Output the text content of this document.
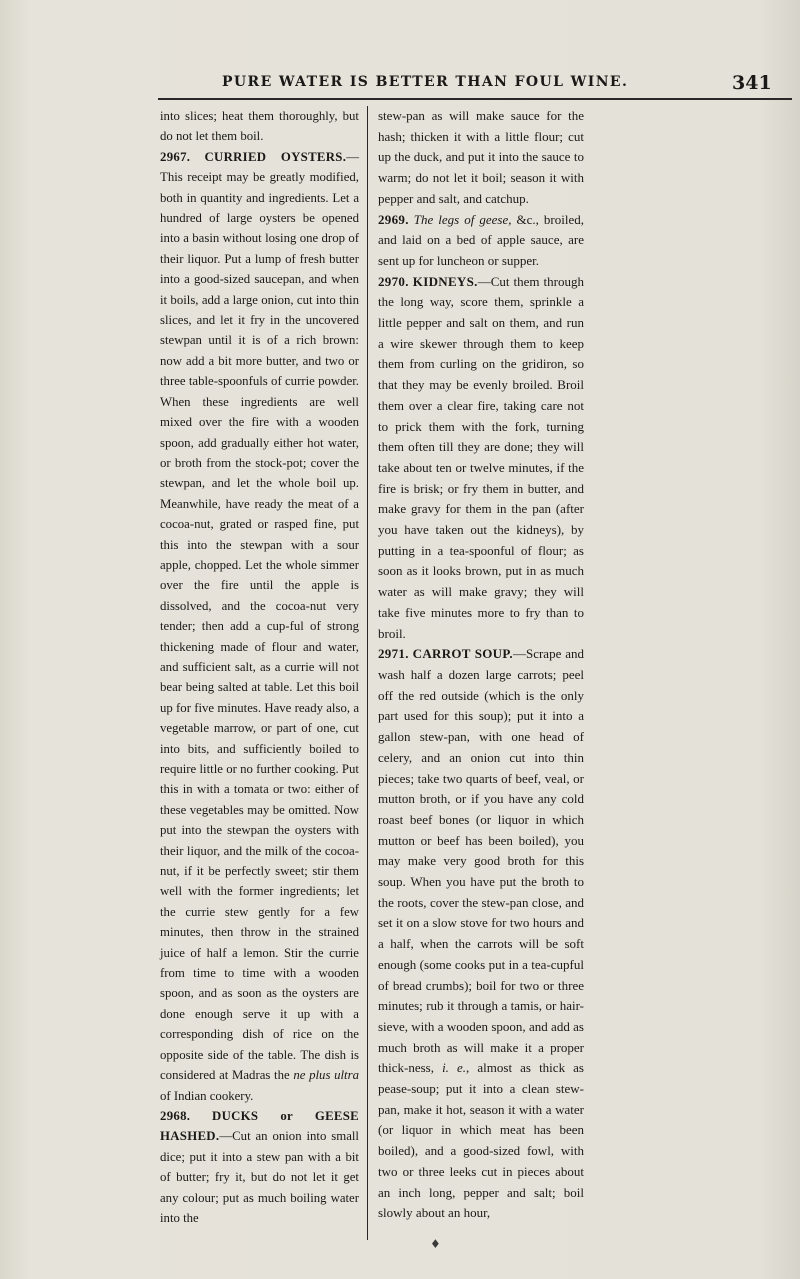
PURE WATER IS BETTER THAN FOUL WINE.	341

into slices; heat them thoroughly, but do not let them boil.

2967. CURRIED OYSTERS.—This receipt may be greatly modified, both in quantity and ingredients. Let a hundred of large oysters be opened into a basin without losing one drop of their liquor. Put a lump of fresh butter into a good-sized saucepan, and when it boils, add a large onion, cut into thin slices, and let it fry in the uncovered stewpan until it is of a rich brown: now add a bit more butter, and two or three table-spoonfuls of currie powder. When these ingredients are well mixed over the fire with a wooden spoon, add gradually either hot water, or broth from the stock-pot; cover the stewpan, and let the whole boil up. Meanwhile, have ready the meat of a cocoa-nut, grated or rasped fine, put this into the stewpan with a sour apple, chopped. Let the whole simmer over the fire until the apple is dissolved, and the cocoa-nut very tender; then add a cup-ful of strong thickening made of flour and water, and sufficient salt, as a currie will not bear being salted at table. Let this boil up for five minutes. Have ready also, a vegetable marrow, or part of one, cut into bits, and sufficiently boiled to require little or no further cooking. Put this in with a tomata or two: either of these vegetables may be omitted. Now put into the stewpan the oysters with their liquor, and the milk of the cocoa-nut, if it be perfectly sweet; stir them well with the former ingredients; let the currie stew gently for a few minutes, then throw in the strained juice of half a lemon. Stir the currie from time to time with a wooden spoon, and as soon as the oysters are done enough serve it up with a corresponding dish of rice on the opposite side of the table. The dish is considered at Madras the ne plus ultra of Indian cookery.

2968. DUCKS or GEESE HASHED.—Cut an onion into small dice; put it into a stew pan with a bit of butter; fry it, but do not let it get any colour; put as much boiling water into the

stew-pan as will make sauce for the hash; thicken it with a little flour; cut up the duck, and put it into the sauce to warm; do not let it boil; season it with pepper and salt, and catchup.

2969. The legs of geese, &c., broiled, and laid on a bed of apple sauce, are sent up for luncheon or supper.

2970. KIDNEYS.—Cut them through the long way, score them, sprinkle a little pepper and salt on them, and run a wire skewer through them to keep them from curling on the gridiron, so that they may be evenly broiled. Broil them over a clear fire, taking care not to prick them with the fork, turning them often till they are done; they will take about ten or twelve minutes, if the fire is brisk; or fry them in butter, and make gravy for them in the pan (after you have taken out the kidneys), by putting in a tea-spoonful of flour; as soon as it looks brown, put in as much water as will make gravy; they will take five minutes more to fry than to broil.

2971. CARROT SOUP.—Scrape and wash half a dozen large carrots; peel off the red outside (which is the only part used for this soup); put it into a gallon stew-pan, with one head of celery, and an onion cut into thin pieces; take two quarts of beef, veal, or mutton broth, or if you have any cold roast beef bones (or liquor in which mutton or beef has been boiled), you may make very good broth for this soup. When you have put the broth to the roots, cover the stew-pan close, and set it on a slow stove for two hours and a half, when the carrots will be soft enough (some cooks put in a tea-cupful of bread crumbs); boil for two or three minutes; rub it through a tamis, or hair-sieve, with a wooden spoon, and add as much broth as will make it a proper thick-ness, i. e., almost as thick as pease-soup; put it into a clean stew-pan, make it hot, season it with a water (or liquor in which meat has been boiled), and a good-sized fowl, with two or three leeks cut in pieces about an inch long, pepper and salt; boil slowly about an hour,

♦
